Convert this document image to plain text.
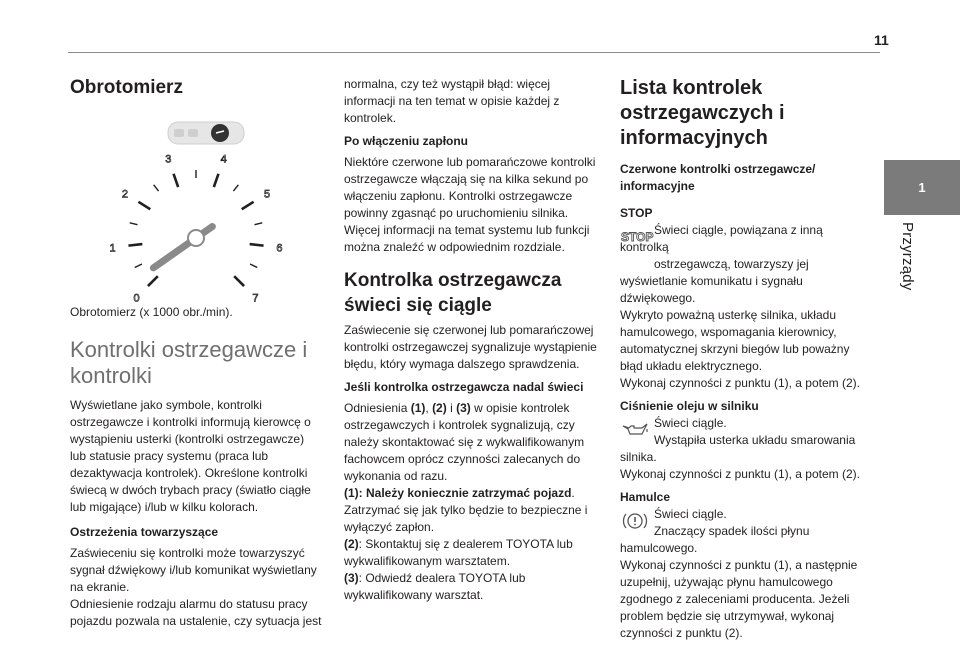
11
1
Przyrządy
Obrotomierz
0
1
2
3	4
5
6
7
Obrotomierz (x 1000 obr./min).
Kontrolki ostrzegawcze i kontrolki
Wyświetlane jako symbole, kontrolki ostrzegawcze i kontrolki informują kierowcę o wystąpieniu usterki (kontrolki ostrzegawcze) lub statusie pracy systemu (praca lub dezaktywacja kontrolek). Określone kontrolki świecą w dwóch trybach pracy (światło ciągłe lub migające) i/lub w kilku kolorach.
Ostrzeżenia towarzyszące
Zaświeceniu się kontrolki może towarzyszyć sygnał dźwiękowy i/lub komunikat wyświetlany na ekranie.
Odniesienie rodzaju alarmu do statusu pracy pojazdu pozwala na ustalenie, czy sytuacja jest
normalna, czy też wystąpił błąd: więcej informacji na ten temat w opisie każdej z kontrolek.
Po włączeniu zapłonu
Niektóre czerwone lub pomarańczowe kontrolki ostrzegawcze włączają się na kilka sekund po włączeniu zapłonu. Kontrolki ostrzegawcze powinny zgasnąć po uruchomieniu silnika. Więcej informacji na temat systemu lub funkcji można znaleźć w odpowiednim rozdziale.
Kontrolka ostrzegawcza świeci się ciągle
Zaświecenie się czerwonej lub pomarańczowej kontrolki ostrzegawczej sygnalizuje wystąpienie błędu, który wymaga dalszego sprawdzenia.
Jeśli kontrolka ostrzegawcza nadal świeci
Odniesienia (1), (2) i (3) w opisie kontrolek ostrzegawczych i kontrolek sygnalizują, czy należy skontaktować się z wykwalifikowanym fachowcem oprócz czynności zalecanych do wykonania od razu.
(1): Należy koniecznie zatrzymać pojazd.
Zatrzymać się jak tylko będzie to bezpieczne i wyłączyć zapłon.
(2): Skontaktuj się z dealerem TOYOTA lub wykwalifikowanym warsztatem.
(3): Odwiedź dealera TOYOTA lub wykwalifikowany warsztat.
Lista kontrolek ostrzegawczych i informacyjnych
Czerwone kontrolki ostrzegawcze/ informacyjne
STOP
STOP Świeci ciągle, powiązana z inną kontrolką
ostrzegawczą, towarzyszy jej
wyświetlanie komunikatu i sygnału dźwiękowego.
Wykryto poważną usterkę silnika, układu hamulcowego, wspomagania kierownicy, automatycznej skrzyni biegów lub poważny błąd układu elektrycznego.
Wykonaj czynności z punktu (1), a potem (2).
Ciśnienie oleju w silniku
Świeci ciągle.
Wystąpiła usterka układu smarowania
silnika.
Wykonaj czynności z punktu (1), a potem (2).
Hamulce
Świeci ciągle.
Znaczący spadek ilości płynu
hamulcowego.
Wykonaj czynności z punktu (1), a następnie uzupełnij, używając płynu hamulcowego zgodnego z zaleceniami producenta. Jeżeli problem będzie się utrzymywał, wykonaj czynności z punktu (2).
